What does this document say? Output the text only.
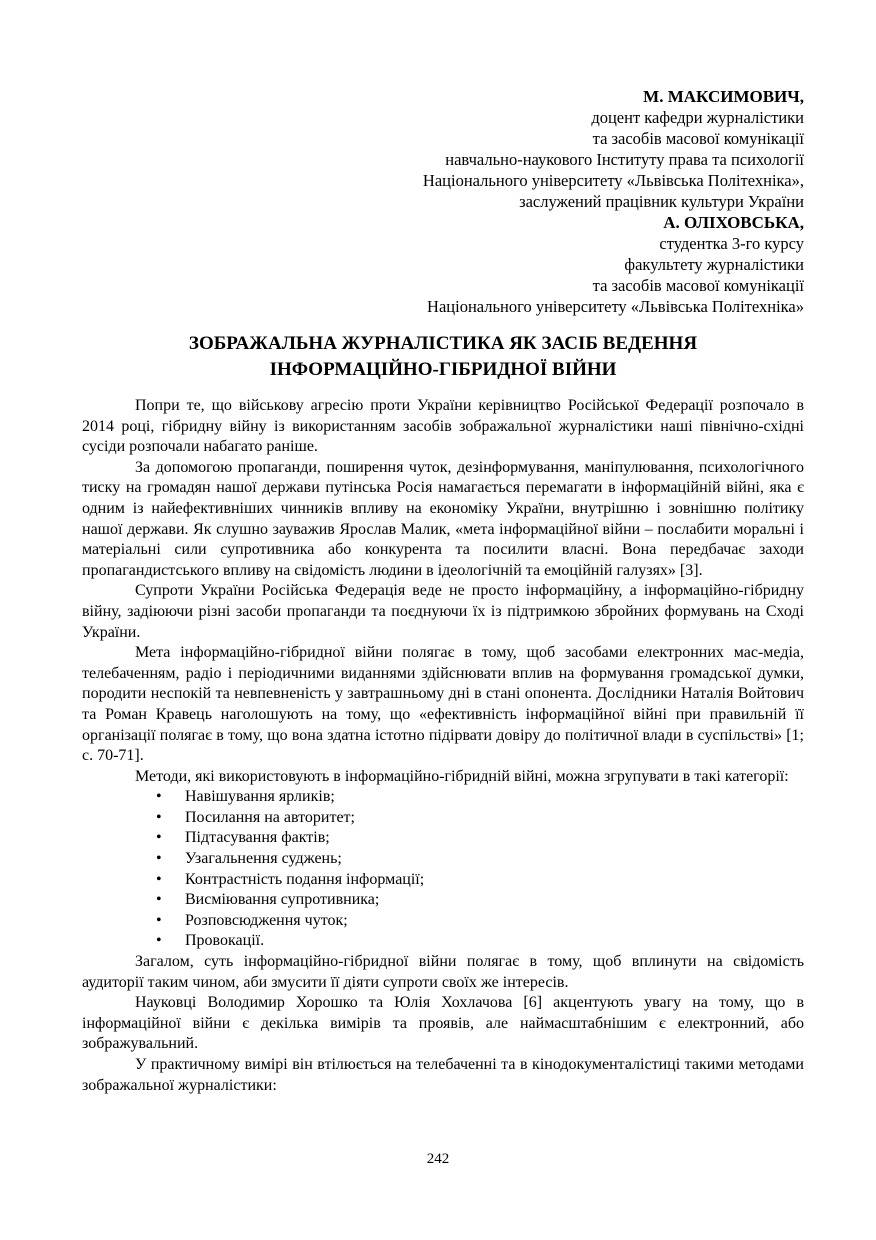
М. МАКСИМОВИЧ,
доцент кафедри журналістики
та засобів масової комунікації
навчально-наукового Інституту права та психології
Національного університету «Львівська Політехніка»,
заслужений працівник культури України
А. ОЛІХОВСЬКА,
студентка 3-го курсу
факультету журналістики
та засобів масової комунікації
Національного університету «Львівська Політехніка»
ЗОБРАЖАЛЬНА ЖУРНАЛІСТИКА ЯК ЗАСІБ ВЕДЕННЯ
ІНФОРМАЦІЙНО-ГІБРИДНОЇ ВІЙНИ

Попри те, що військову агресію проти України керівництво Російської Федерації розпочало в 2014 році, гібридну війну із використанням засобів зображальної журналістики наші північно-східні сусіди розпочали набагато раніше.

За допомогою пропаганди, поширення чуток, дезінформування, маніпулювання, психологічного тиску на громадян нашої держави путінська Росія намагається перемагати в інформаційній війні, яка є одним із найефективніших чинників впливу на економіку України, внутрішню і зовнішню політику нашої держави. Як слушно зауважив Ярослав Малик, «мета інформаційної війни – послабити моральні і матеріальні сили супротивника або конкурента та посилити власні. Вона передбачає заходи пропагандистського впливу на свідомість людини в ідеологічній та емоційній галузях» [3].

Супроти України Російська Федерація веде не просто інформаційну, а інформаційно-гібридну війну, задіюючи різні засоби пропаганди та поєднуючи їх із підтримкою збройних формувань на Сході України.

Мета інформаційно-гібридної війни полягає в тому, щоб засобами електронних мас-медіа, телебаченням, радіо і періодичними виданнями здійснювати вплив на формування громадської думки, породити неспокій та невпевненість у завтрашньому дні в стані опонента. Дослідники Наталія Войтович та Роман Кравець наголошують на тому, що «ефективність інформаційної війні при правильній її організації полягає в тому, що вона здатна істотно підірвати довіру до політичної влади в суспільстві» [1; с. 70-71].

Методи, які використовують в інформаційно-гібридній війні, можна згрупувати в такі категорії:

• Навішування ярликів;
• Посилання на авторитет;
• Підтасування фактів;
• Узагальнення суджень;
• Контрастність подання інформації;
• Висміювання супротивника;
• Розповсюдження чуток;
• Провокації.

Загалом, суть інформаційно-гібридної війни полягає в тому, щоб вплинути на свідомість аудиторії таким чином, аби змусити її діяти супроти своїх же інтересів.

Науковці Володимир Хорошко та Юлія Хохлачова [6] акцентують увагу на тому, що в інформаційної війни є декілька вимірів та проявів, але наймасштабнішим є електронний, або зображувальний.

У практичному вимірі він втілюється на телебаченні та в кінодокументалістиці такими методами зображальної журналістики:

242
